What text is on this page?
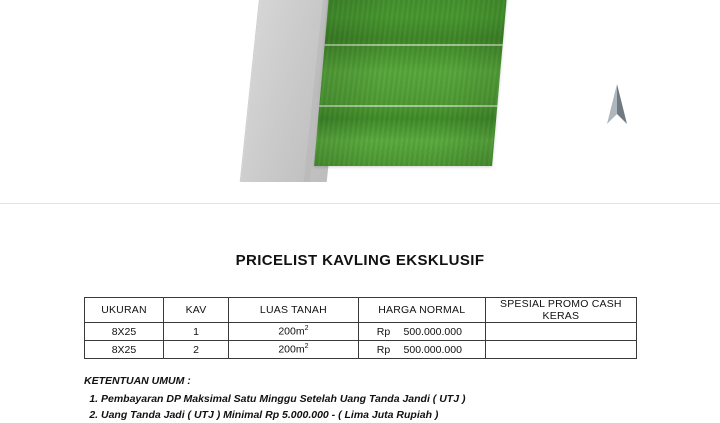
PRICELIST KAVLING EKSKLUSIF
UKURAN	KAV	LUAS TANAH	HARGA NORMAL	SPESIAL PROMO CASH KERAS
8X25	1	$200m^2$	Rp 500.000.000	

8X25	2	$200m^2$	Rp 500.000.000	

KETENTUAN UMUM :
1. Pembayaran DP Maksimal Satu Minggu Setelah Uang Tanda Jandi ( UTJ )
2. Uang Tanda Jadi ( UTJ ) Minimal Rp 5.000.000 - ( Lima Juta Rupiah )
